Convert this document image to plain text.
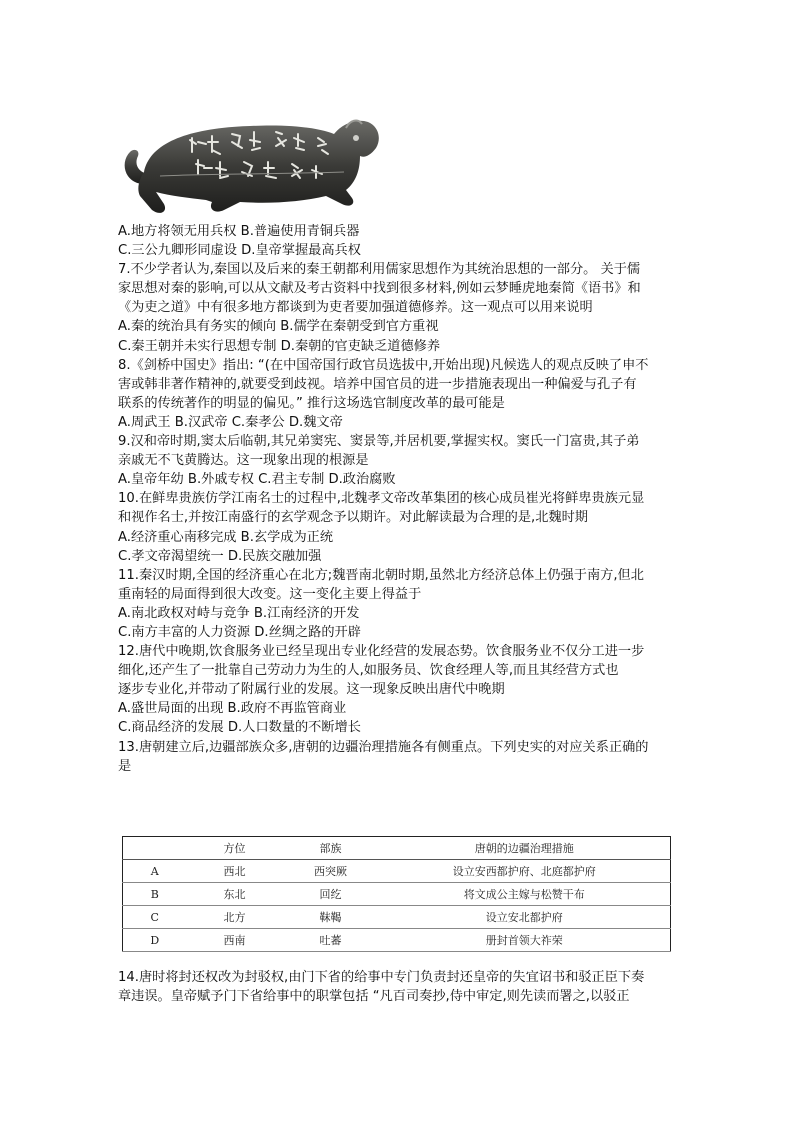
A.地方将领无用兵权 B.普遍使用青铜兵器
C.三公九卿形同虚设 D.皇帝掌握最高兵权
7.不少学者认为,秦国以及后来的秦王朝都利用儒家思想作为其统治思想的一部分。 关于儒
家思想对秦的影响,可以从文献及考古资料中找到很多材料,例如云梦睡虎地秦简《语书》和
《为吏之道》中有很多地方都谈到为吏者要加强道德修养。这一观点可以用来说明
A.秦的统治具有务实的倾向 B.儒学在秦朝受到官方重视
C.秦王朝并未实行思想专制 D.秦朝的官吏缺乏道德修养
8.《剑桥中国史》指出: “(在中国帝国行政官员选拔中,开始出现)凡候选人的观点反映了申不
害或韩非著作精神的,就要受到歧视。培养中国官员的进一步措施表现出一种偏爱与孔子有
联系的传统著作的明显的偏见。” 推行这场选官制度改革的最可能是
A.周武王 B.汉武帝 C.秦孝公 D.魏文帝
9.汉和帝时期,窦太后临朝,其兄弟窦宪、窦景等,并居机要,掌握实权。窦氏一门富贵,其子弟
亲戚无不飞黄腾达。这一现象出现的根源是
A.皇帝年幼 B.外戚专权 C.君主专制 D.政治腐败
10.在鲜卑贵族仿学江南名士的过程中,北魏孝文帝改革集团的核心成员崔光将鲜卑贵族元显
和视作名士,并按江南盛行的玄学观念予以期许。对此解读最为合理的是,北魏时期
A.经济重心南移完成 B.玄学成为正统
C.孝文帝渴望统一 D.民族交融加强
11.秦汉时期,全国的经济重心在北方;魏晋南北朝时期,虽然北方经济总体上仍强于南方,但北
重南轻的局面得到很大改变。这一变化主要上得益于
A.南北政权对峙与竞争 B.江南经济的开发
C.南方丰富的人力资源 D.丝绸之路的开辟
12.唐代中晚期,饮食服务业已经呈现出专业化经营的发展态势。饮食服务业不仅分工进一步
细化,还产生了一批靠自己劳动力为生的人,如服务员、饮食经理人等,而且其经营方式也
逐步专业化,并带动了附属行业的发展。这一现象反映出唐代中晚期
A.盛世局面的出现 B.政府不再监管商业
C.商品经济的发展 D.人口数量的不断增长
13.唐朝建立后,边疆部族众多,唐朝的边疆治理措施各有侧重点。下列史实的对应关系正确的
是
	方位	部族	唐朝的边疆治理措施
A	西北	西突厥	设立安西都护府、北庭都护府
B	东北	回纥	将文成公主嫁与松赞干布
C	北方	靺鞨	设立安北都护府
D	西南	吐蕃	册封首领大祚荣
14.唐时将封还权改为封驳权,由门下省的给事中专门负责封还皇帝的失宜诏书和驳正臣下奏
章违误。皇帝赋予门下省给事中的职掌包括 “凡百司奏抄,侍中审定,则先读而署之,以驳正
